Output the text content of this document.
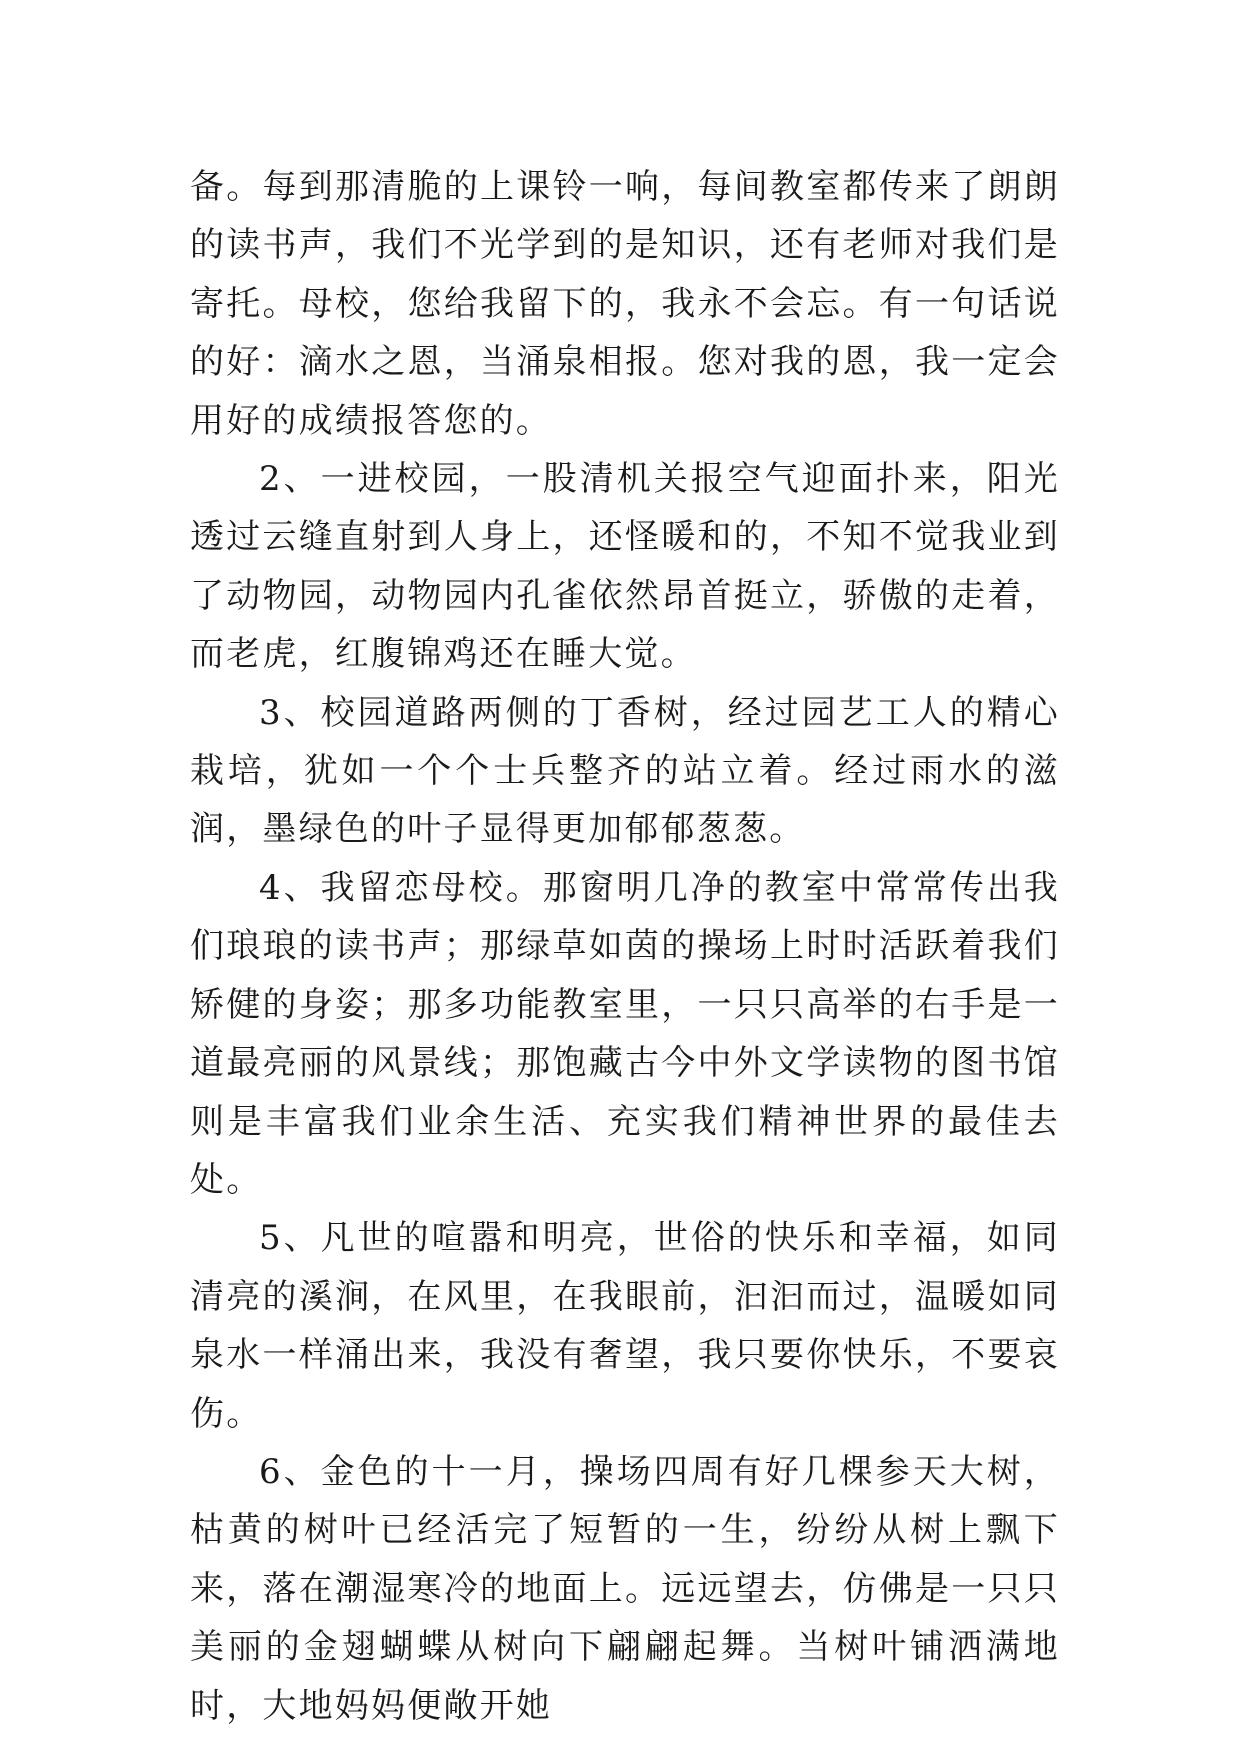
备。每到那清脆的上课铃一响，每间教室都传来了朗朗的读书声，我们不光学到的是知识，还有老师对我们是寄托。母校，您给我留下的，我永不会忘。有一句话说的好：滴水之恩，当涌泉相报。您对我的恩，我一定会用好的成绩报答您的。

2、一进校园，一股清机关报空气迎面扑来，阳光透过云缝直射到人身上，还怪暖和的，不知不觉我业到了动物园，动物园内孔雀依然昂首挺立，骄傲的走着，而老虎，红腹锦鸡还在睡大觉。

3、校园道路两侧的丁香树，经过园艺工人的精心栽培，犹如一个个士兵整齐的站立着。经过雨水的滋润，墨绿色的叶子显得更加郁郁葱葱。

4、我留恋母校。那窗明几净的教室中常常传出我们琅琅的读书声；那绿草如茵的操场上时时活跃着我们矫健的身姿；那多功能教室里，一只只高举的右手是一道最亮丽的风景线；那饱藏古今中外文学读物的图书馆则是丰富我们业余生活、充实我们精神世界的最佳去处。

5、凡世的喧嚣和明亮，世俗的快乐和幸福，如同清亮的溪涧，在风里，在我眼前，汩汩而过，温暖如同泉水一样涌出来，我没有奢望，我只要你快乐，不要哀伤。

6、金色的十一月，操场四周有好几棵参天大树，枯黄的树叶已经活完了短暂的一生，纷纷从树上飘下来，落在潮湿寒冷的地面上。远远望去，仿佛是一只只美丽的金翅蝴蝶从树向下翩翩起舞。当树叶铺洒满地时，大地妈妈便敞开她
